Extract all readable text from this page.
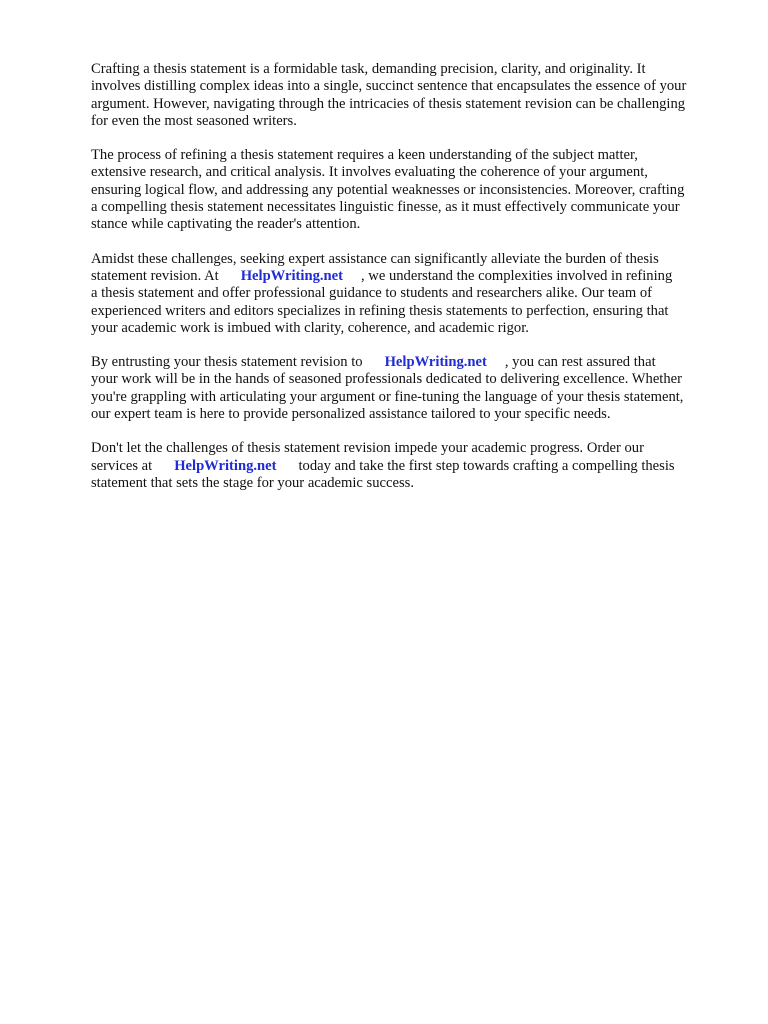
Crafting a thesis statement is a formidable task, demanding precision, clarity, and originality. It
involves distilling complex ideas into a single, succinct sentence that encapsulates the essence of your
argument. However, navigating through the intricacies of thesis statement revision can be challenging
for even the most seasoned writers.

The process of refining a thesis statement requires a keen understanding of the subject matter,
extensive research, and critical analysis. It involves evaluating the coherence of your argument,
ensuring logical flow, and addressing any potential weaknesses or inconsistencies. Moreover, crafting
a compelling thesis statement necessitates linguistic finesse, as it must effectively communicate your
stance while captivating the reader's attention.

Amidst these challenges, seeking expert assistance can significantly alleviate the burden of thesis
statement revision. At HelpWriting.net , we understand the complexities involved in refining
a thesis statement and offer professional guidance to students and researchers alike. Our team of
experienced writers and editors specializes in refining thesis statements to perfection, ensuring that
your academic work is imbued with clarity, coherence, and academic rigor.

By entrusting your thesis statement revision to HelpWriting.net , you can rest assured that
your work will be in the hands of seasoned professionals dedicated to delivering excellence. Whether
you're grappling with articulating your argument or fine-tuning the language of your thesis statement,
our expert team is here to provide personalized assistance tailored to your specific needs.

Don't let the challenges of thesis statement revision impede your academic progress. Order our
services at HelpWriting.net today and take the first step towards crafting a compelling thesis
statement that sets the stage for your academic success.
